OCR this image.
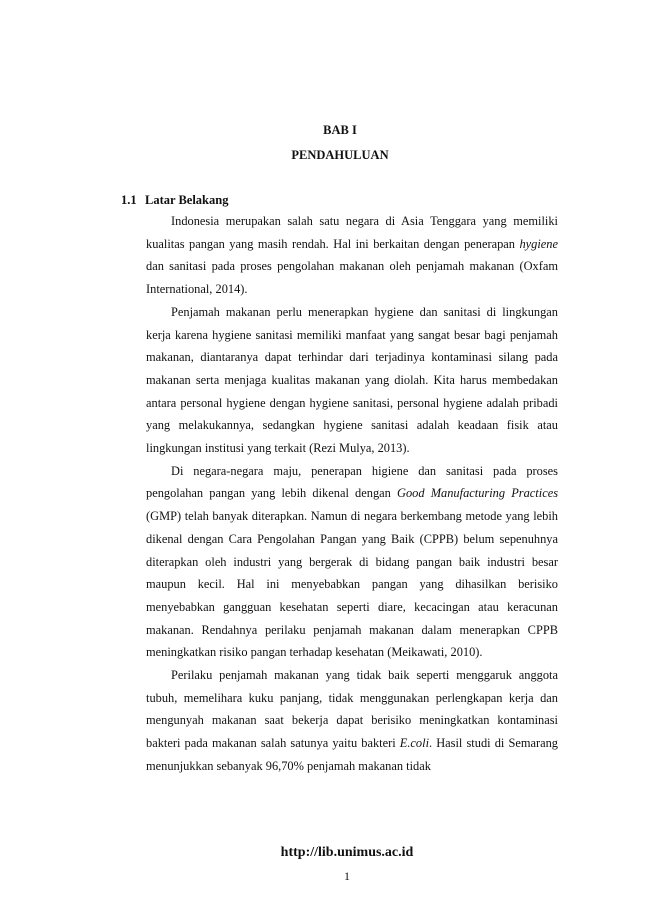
BAB I
PENDAHULUAN
1.1 Latar Belakang

Indonesia merupakan salah satu negara di Asia Tenggara yang memiliki kualitas pangan yang masih rendah. Hal ini berkaitan dengan penerapan hygiene dan sanitasi pada proses pengolahan makanan oleh penjamah makanan (Oxfam International, 2014).

Penjamah makanan perlu menerapkan hygiene dan sanitasi di lingkungan kerja karena hygiene sanitasi memiliki manfaat yang sangat besar bagi penjamah makanan, diantaranya dapat terhindar dari terjadinya kontaminasi silang pada makanan serta menjaga kualitas makanan yang diolah. Kita harus membedakan antara personal hygiene dengan hygiene sanitasi, personal hygiene adalah pribadi yang melakukannya, sedangkan hygiene sanitasi adalah keadaan fisik atau lingkungan institusi yang terkait (Rezi Mulya, 2013).

Di negara-negara maju, penerapan higiene dan sanitasi pada proses pengolahan pangan yang lebih dikenal dengan Good Manufacturing Practices (GMP) telah banyak diterapkan. Namun di negara berkembang metode yang lebih dikenal dengan Cara Pengolahan Pangan yang Baik (CPPB) belum sepenuhnya diterapkan oleh industri yang bergerak di bidang pangan baik industri besar maupun kecil. Hal ini menyebabkan pangan yang dihasilkan berisiko menyebabkan gangguan kesehatan seperti diare, kecacingan atau keracunan makanan. Rendahnya perilaku penjamah makanan dalam menerapkan CPPB meningkatkan risiko pangan terhadap kesehatan (Meikawati, 2010).

Perilaku penjamah makanan yang tidak baik seperti menggaruk anggota tubuh, memelihara kuku panjang, tidak menggunakan perlengkapan kerja dan mengunyah makanan saat bekerja dapat berisiko meningkatkan kontaminasi bakteri pada makanan salah satunya yaitu bakteri E.coli. Hasil studi di Semarang menunjukkan sebanyak 96,70% penjamah makanan tidak

http://lib.unimus.ac.id
1
